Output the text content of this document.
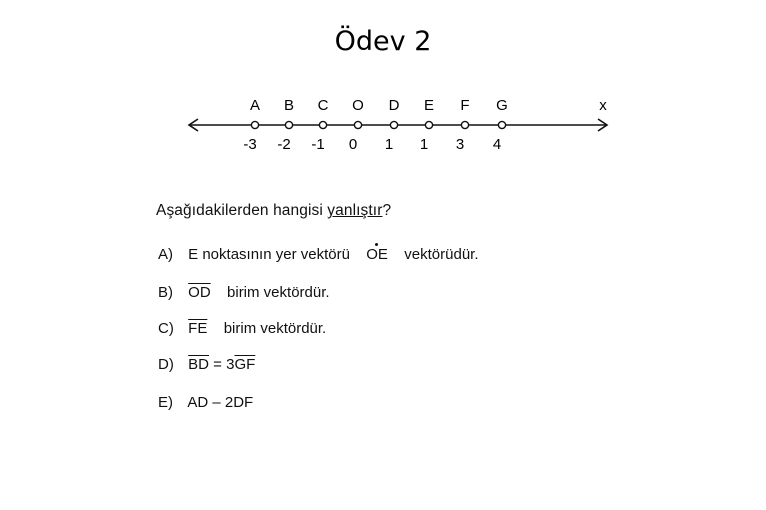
Ödev 2
x
A
-3
B
-2
C
-1
O
0
D
1
E
1
F
3
G
4
Aşağıdakilerden hangisi yanlıştır?
A) E noktasının yer vektörü OE vektörüdür.
B) $\overline{OD}$ birim vektördür.
C) $\overline{FE}$ birim vektördür.
D) $\overline{BD} = 3\overline{GF}$
E) AD – 2DF
